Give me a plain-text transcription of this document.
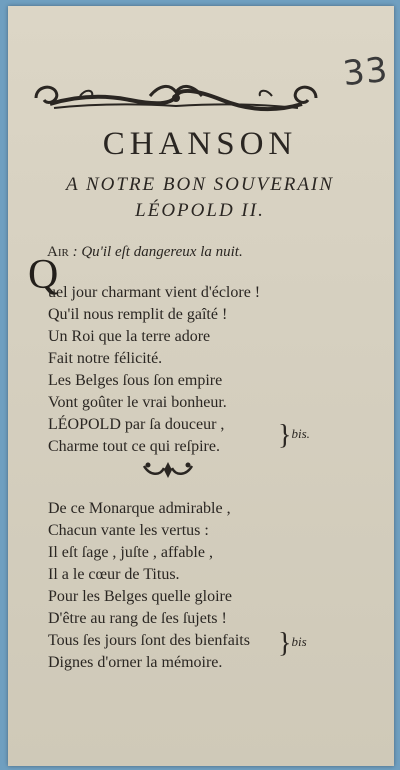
33
CHANSON
A NOTRE BON SOUVERAIN
LÉOPOLD II.
Air : Qu'il eſt dangereux la nuit.
Q
uel jour charmant vient d'éclore !
Qu'il nous remplit de gaîté !
Un Roi que la terre adore
Fait notre félicité.
Les Belges ſous ſon empire
Vont goûter le vrai bonheur.
LÉOPOLD par ſa douceur ,
Charme tout ce qui reſpire.	}$^{bis.}$
De ce Monarque admirable ,
Chacun vante les vertus :
Il eſt ſage , juſte , affable ,
Il a le cœur de Titus.
Pour les Belges quelle gloire
D'être au rang de ſes ſujets !
Tous ſes jours ſont des bienfaits
Dignes d'orner la mémoire.
}$^{bis}$
